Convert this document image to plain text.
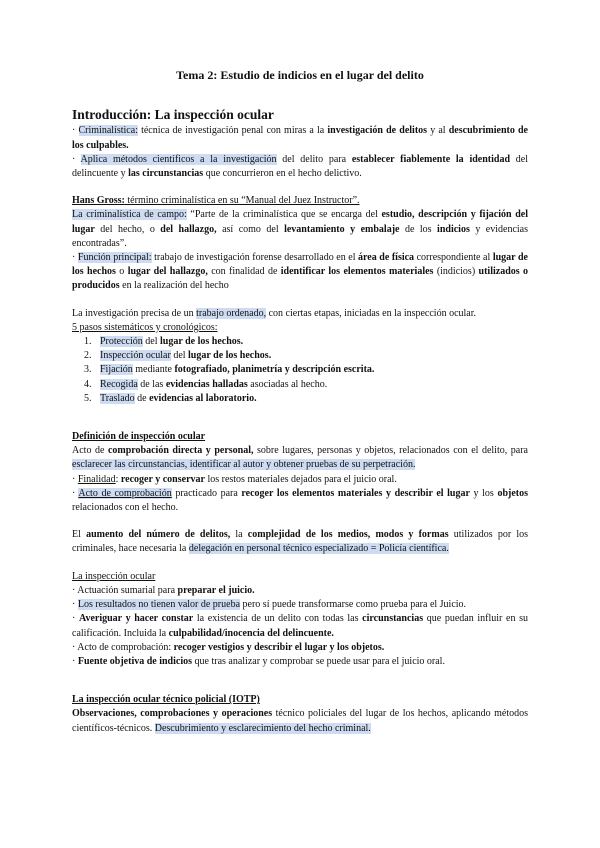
Tema 2: Estudio de indicios en el lugar del delito
Introducción: La inspección ocular

· Criminalística: técnica de investigación penal con miras a la investigación de delitos y al descubrimiento de los culpables.

· Aplica métodos científicos a la investigación del delito para establecer fiablemente la identidad del delincuente y las circunstancias que concurrieron en el hecho delictivo.

Hans Gross: término criminalística en su “Manual del Juez Instructor”.

La criminalística de campo: “Parte de la criminalística que se encarga del estudio, descripción y fijación del lugar del hecho, o del hallazgo, así como del levantamiento y embalaje de los indicios y evidencias encontradas”.

· Función principal: trabajo de investigación forense desarrollado en el área de física correspondiente al lugar de los hechos o lugar del hallazgo, con finalidad de identificar los elementos materiales (indicios) utilizados o producidos en la realización del hecho

La investigación precisa de un trabajo ordenado, con ciertas etapas, iniciadas en la inspección ocular.

5 pasos sistemáticos y cronológicos:

1. Protección del lugar de los hechos.
2. Inspección ocular del lugar de los hechos.
3. Fijación mediante fotografiado, planimetría y descripción escrita.
4. Recogida de las evidencias halladas asociadas al hecho.
5. Traslado de evidencias al laboratorio.

Definición de inspección ocular

Acto de comprobación directa y personal, sobre lugares, personas y objetos, relacionados con el delito, para esclarecer las circunstancias, identificar al autor y obtener pruebas de su perpetración.

· Finalidad: recoger y conservar los restos materiales dejados para el juicio oral.

· Acto de comprobación practicado para recoger los elementos materiales y describir el lugar y los objetos relacionados con el hecho.

El aumento del número de delitos, la complejidad de los medios, modos y formas utilizados por los criminales, hace necesaria la delegación en personal técnico especializado = Policía científica.

La inspección ocular

· Actuación sumarial para preparar el juicio.

· Los resultados no tienen valor de prueba pero sí puede transformarse como prueba para el Juicio.

· Averiguar y hacer constar la existencia de un delito con todas las circunstancias que puedan influir en su calificación. Incluida la culpabilidad/inocencia del delincuente.

· Acto de comprobación: recoger vestigios y describir el lugar y los objetos.

· Fuente objetiva de indicios que tras analizar y comprobar se puede usar para el juicio oral.

La inspección ocular técnico policial (IOTP)

Observaciones, comprobaciones y operaciones técnico policiales del lugar de los hechos, aplicando métodos científicos-técnicos. Descubrimiento y esclarecimiento del hecho criminal.
